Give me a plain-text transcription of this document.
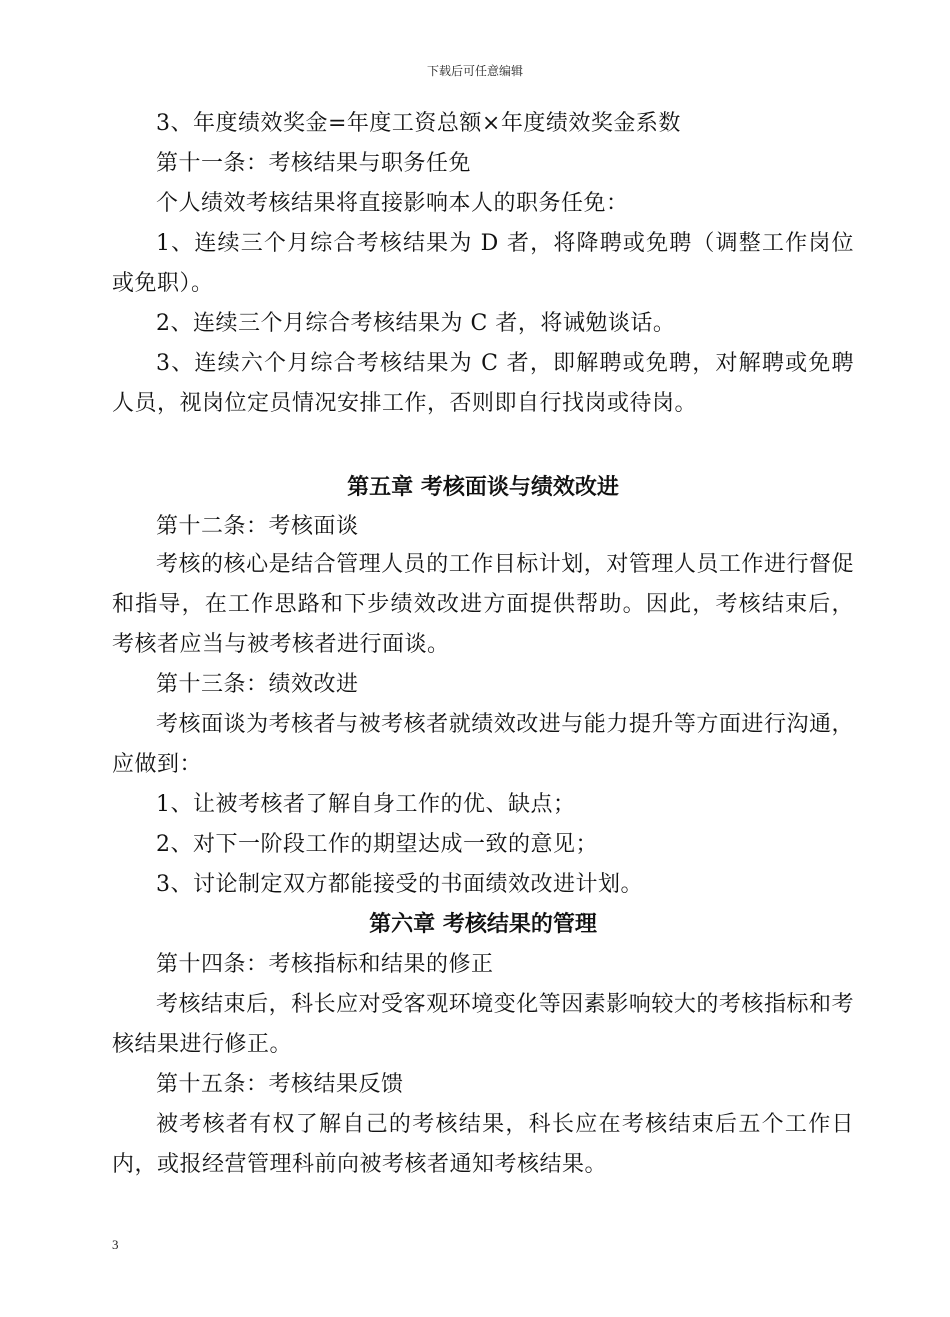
下载后可任意编辑

3、年度绩效奖金=年度工资总额×年度绩效奖金系数

第十一条：考核结果与职务任免

个人绩效考核结果将直接影响本人的职务任免：

1、连续三个月综合考核结果为 D 者，将降聘或免聘（调整工作岗位或免职）。

2、连续三个月综合考核结果为 C 者，将诫勉谈话。

3、连续六个月综合考核结果为 C 者，即解聘或免聘，对解聘或免聘人员，视岗位定员情况安排工作，否则即自行找岗或待岗。

第五章 考核面谈与绩效改进

第十二条：考核面谈

考核的核心是结合管理人员的工作目标计划，对管理人员工作进行督促和指导，在工作思路和下步绩效改进方面提供帮助。因此，考核结束后，考核者应当与被考核者进行面谈。

第十三条：绩效改进

考核面谈为考核者与被考核者就绩效改进与能力提升等方面进行沟通，应做到：

1、让被考核者了解自身工作的优、缺点；

2、对下一阶段工作的期望达成一致的意见；

3、讨论制定双方都能接受的书面绩效改进计划。

第六章 考核结果的管理

第十四条：考核指标和结果的修正

考核结束后，科长应对受客观环境变化等因素影响较大的考核指标和考核结果进行修正。

第十五条：考核结果反馈

被考核者有权了解自己的考核结果，科长应在考核结束后五个工作日内，或报经营管理科前向被考核者通知考核结果。

3
